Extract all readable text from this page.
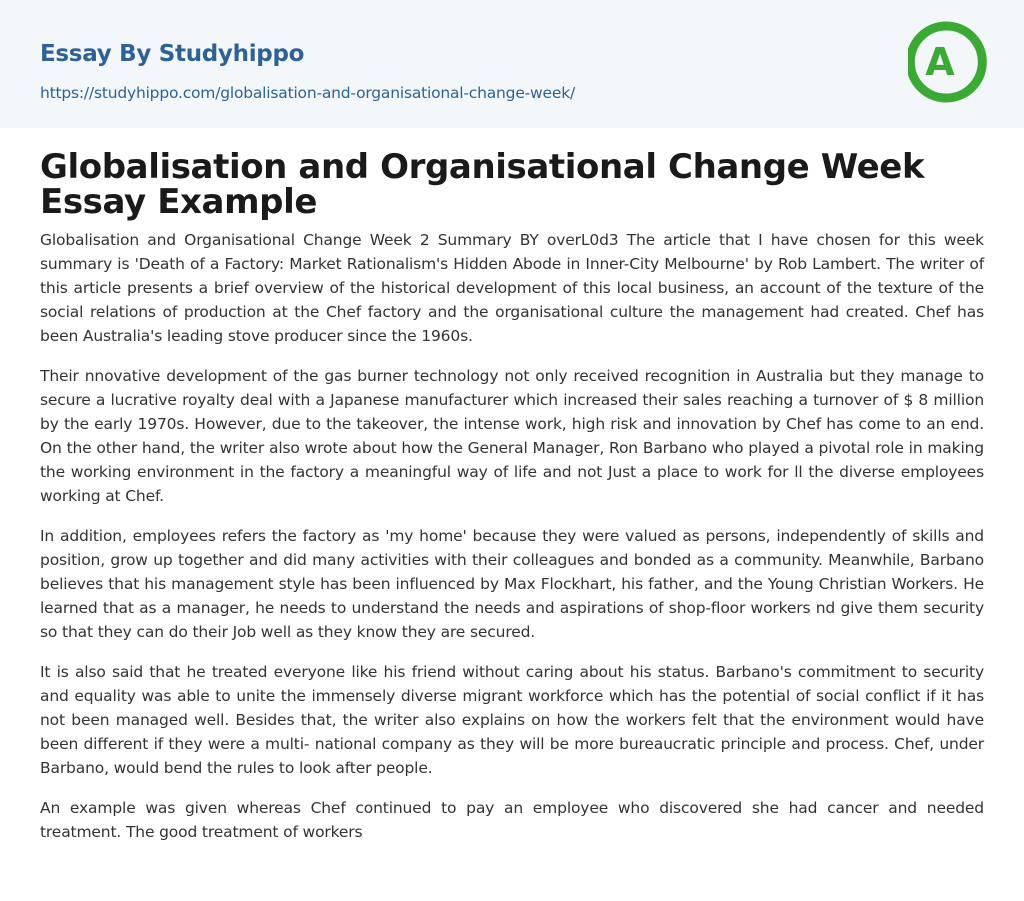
Essay By Studyhippo
https://studyhippo.com/globalisation-and-organisational-change-week/
A
Globalisation and Organisational Change Week Essay Example

Globalisation and Organisational Change Week 2 Summary BY overL0d3 The article that I have chosen for this week summary is 'Death of a Factory: Market Rationalism's Hidden Abode in Inner-City Melbourne' by Rob Lambert. The writer of this article presents a brief overview of the historical development of this local business, an account of the texture of the social relations of production at the Chef factory and the organisational culture the management had created. Chef has been Australia's leading stove producer since the 1960s.

Their nnovative development of the gas burner technology not only received recognition in Australia but they manage to secure a lucrative royalty deal with a Japanese manufacturer which increased their sales reaching a turnover of $ 8 million by the early 1970s. However, due to the takeover, the intense work, high risk and innovation by Chef has come to an end. On the other hand, the writer also wrote about how the General Manager, Ron Barbano who played a pivotal role in making the working environment in the factory a meaningful way of life and not Just a place to work for ll the diverse employees working at Chef.

In addition, employees refers the factory as 'my home' because they were valued as persons, independently of skills and position, grow up together and did many activities with their colleagues and bonded as a community. Meanwhile, Barbano believes that his management style has been influenced by Max Flockhart, his father, and the Young Christian Workers. He learned that as a manager, he needs to understand the needs and aspirations of shop-floor workers nd give them security so that they can do their Job well as they know they are secured.

It is also said that he treated everyone like his friend without caring about his status. Barbano's commitment to security and equality was able to unite the immensely diverse migrant workforce which has the potential of social conflict if it has not been managed well. Besides that, the writer also explains on how the workers felt that the environment would have been different if they were a multi- national company as they will be more bureaucratic principle and process. Chef, under Barbano, would bend the rules to look after people.

An example was given whereas Chef continued to pay an employee who discovered she had cancer and needed treatment. The good treatment of workers
